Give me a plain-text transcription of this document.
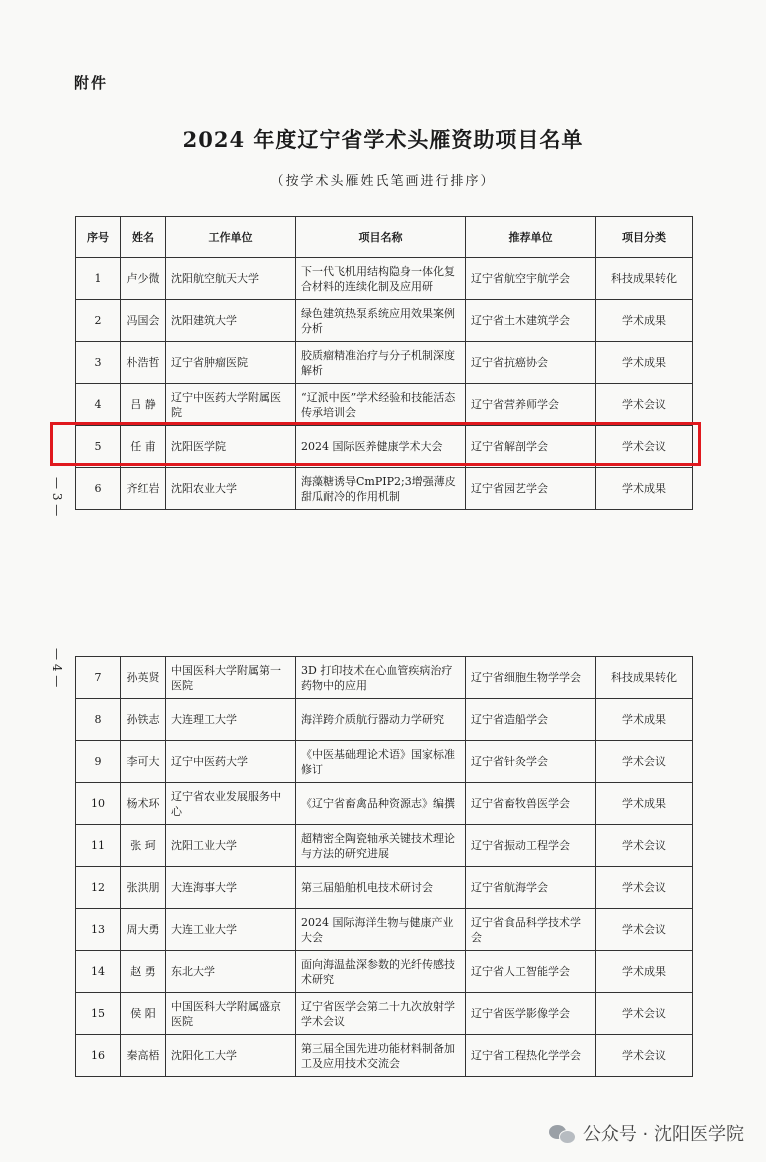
附件
2024 年度辽宁省学术头雁资助项目名单
（按学术头雁姓氏笔画进行排序）
序号	姓名	工作单位	项目名称	推荐单位	项目分类
1	卢少微	沈阳航空航天大学	下一代飞机用结构隐身一体化复合材料的连续化制及应用研	辽宁省航空宇航学会	科技成果转化
2	冯国会	沈阳建筑大学	绿色建筑热泵系统应用效果案例分析	辽宁省土木建筑学会	学术成果
3	朴浩哲	辽宁省肿瘤医院	胶质瘤精准治疗与分子机制深度解析	辽宁省抗癌协会	学术成果
4	吕 静	辽宁中医药大学附属医院	“辽派中医”学术经验和技能活态传承培训会	辽宁省营养师学会	学术会议
5	任 甫	沈阳医学院	2024 国际医养健康学术大会	辽宁省解剖学会	学术会议
6	齐红岩	沈阳农业大学	海藻糖诱导CmPIP2;3增强薄皮甜瓜耐冷的作用机制	辽宁省园艺学会	学术成果
7	孙英贤	中国医科大学附属第一医院	3D 打印技术在心血管疾病治疗药物中的应用	辽宁省细胞生物学学会	科技成果转化
8	孙铁志	大连理工大学	海洋跨介质航行器动力学研究	辽宁省造船学会	学术成果
9	李可大	辽宁中医药大学	《中医基础理论术语》国家标准修订	辽宁省针灸学会	学术会议
10	杨术环	辽宁省农业发展服务中心	《辽宁省畜禽品种资源志》编撰	辽宁省畜牧兽医学会	学术成果
11	张 珂	沈阳工业大学	超精密全陶瓷轴承关键技术理论与方法的研究进展	辽宁省振动工程学会	学术会议
12	张洪朋	大连海事大学	第三届船舶机电技术研讨会	辽宁省航海学会	学术会议
13	周大勇	大连工业大学	2024 国际海洋生物与健康产业大会	辽宁省食品科学技术学会	学术会议
14	赵 勇	东北大学	面向海温盐深参数的光纤传感技术研究	辽宁省人工智能学会	学术成果
15	侯 阳	中国医科大学附属盛京医院	辽宁省医学会第二十九次放射学学术会议	辽宁省医学影像学会	学术会议
16	秦高梧	沈阳化工大学	第三届全国先进功能材料制备加工及应用技术交流会	辽宁省工程热化学学会	学术会议
— 3 —
— 4 —
公众号 · 沈阳医学院
